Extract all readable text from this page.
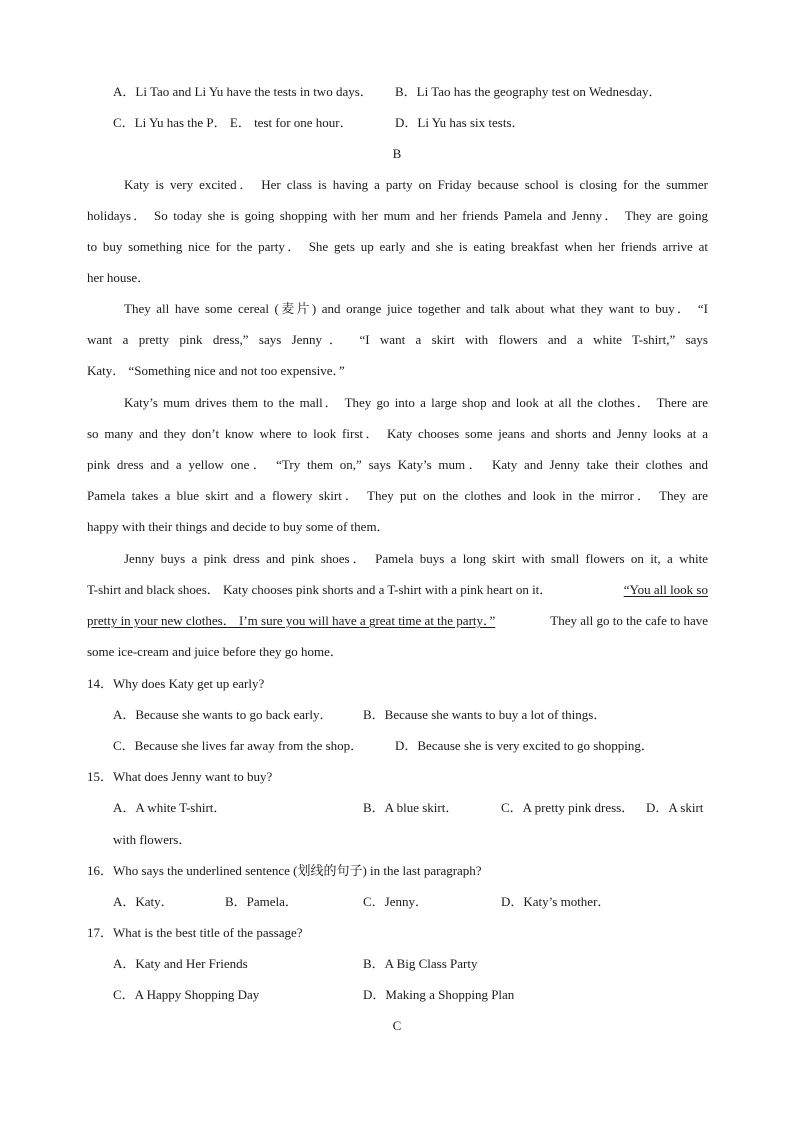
A．Li Tao and Li Yu have the tests in two days． B．Li Tao has the geography test on Wednesday．
C．Li Yu has the P． E． test for one hour．	D．Li Yu has six tests．
B
Katy is very excited． Her class is having a party on Friday because school is closing for the summer
holidays． So today she is going shopping with her mum and her friends Pamela and Jenny． They are going
to buy something nice for the party． She gets up early and she is eating breakfast when her friends arrive at
her house．
They all have some cereal (麦片) and orange juice together and talk about what they want to buy． “I
want a pretty pink dress,” says Jenny． “I want a skirt with flowers and a white T-shirt,” says
Katy． “Something nice and not too expensive．”
Katy’s mum drives them to the mall． They go into a large shop and look at all the clothes． There are
so many and they don’t know where to look first． Katy chooses some jeans and shorts and Jenny looks at a
pink dress and a yellow one． “Try them on,” says Katy’s mum． Katy and Jenny take their clothes and
Pamela takes a blue skirt and a flowery skirt． They put on the clothes and look in the mirror． They are
happy with their things and decide to buy some of them．
Jenny buys a pink dress and pink shoes． Pamela buys a long skirt with small flowers on it, a white
T-shirt and black shoes． Katy chooses pink shorts and a T-shirt with a pink heart on it．	“You all look so
pretty in your new clothes． I’m sure you will have a great time at the party．”	They all go to the cafe to have
some ice-cream and juice before they go home．
14．Why does Katy get up early?
A．Because she wants to go back early． B．Because she wants to buy a lot of things．
C．Because she lives far away from the shop． D．Because she is very excited to go shopping．
15．What does Jenny want to buy?
A．A white T-shirt．	B．A blue skirt．	C．A pretty pink dress． D．A skirt
with flowers．
16．Who says the underlined sentence (划线的句子) in the last paragraph?
A．Katy．	B．Pamela．	C．Jenny．	D．Katy’s mother．
17．What is the best title of the passage?
A．Katy and Her Friends	B．A Big Class Party
C．A Happy Shopping Day	D．Making a Shopping Plan
C
